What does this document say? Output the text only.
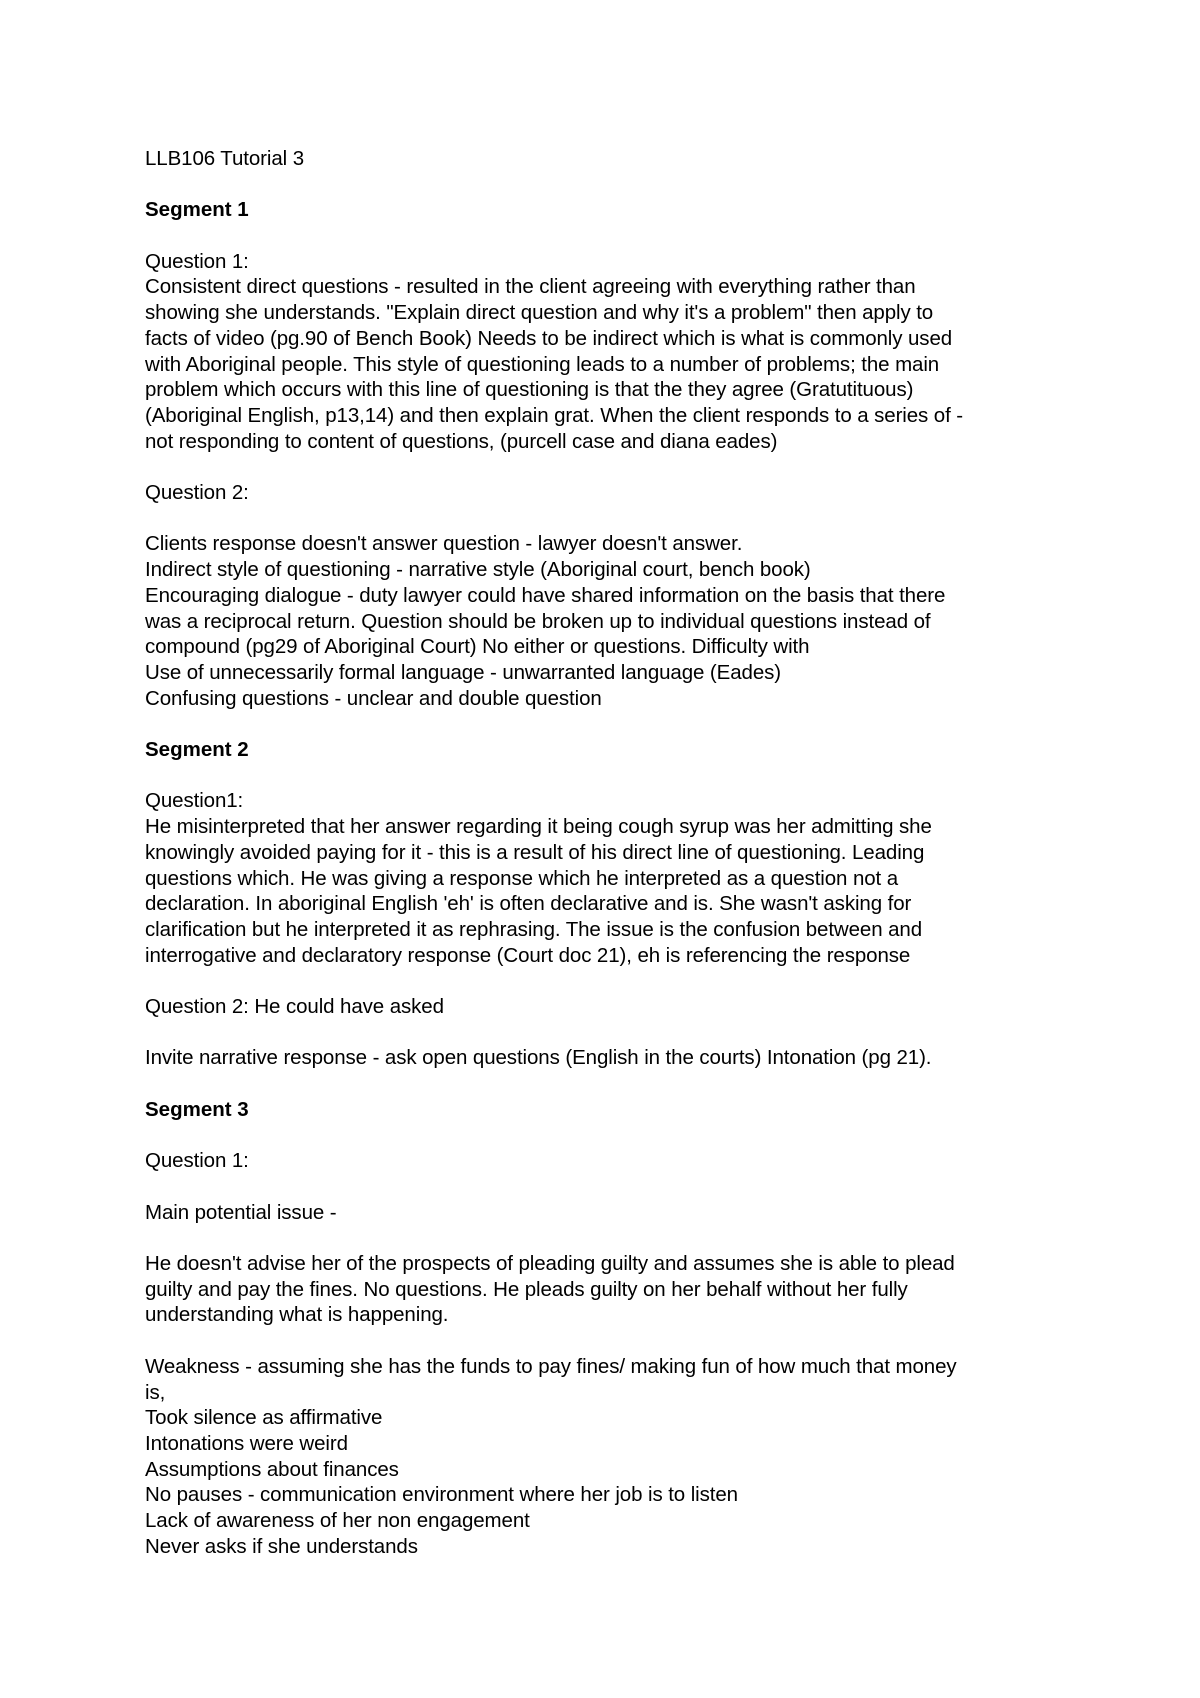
LLB106 Tutorial 3
Segment 1
Question 1:
Consistent direct questions - resulted in the client agreeing with everything rather than
showing she understands. "Explain direct question and why it's a problem" then apply to
facts of video (pg.90 of Bench Book) Needs to be indirect which is what is commonly used
with Aboriginal people. This style of questioning leads to a number of problems; the main
problem which occurs with this line of questioning is that the they agree (Gratutituous)
(Aboriginal English, p13,14) and then explain grat. When the client responds to a series of -
not responding to content of questions, (purcell case and diana eades)
Question 2:
Clients response doesn't answer question - lawyer doesn't answer.
Indirect style of questioning - narrative style (Aboriginal court, bench book)
Encouraging dialogue - duty lawyer could have shared information on the basis that there
was a reciprocal return. Question should be broken up to individual questions instead of
compound (pg29 of Aboriginal Court) No either or questions. Difficulty with
Use of unnecessarily formal language - unwarranted language (Eades)
Confusing questions - unclear and double question
Segment 2
Question1:
He misinterpreted that her answer regarding it being cough syrup was her admitting she
knowingly avoided paying for it - this is a result of his direct line of questioning. Leading
questions which. He was giving a response which he interpreted as a question not a
declaration. In aboriginal English 'eh' is often declarative and is. She wasn't asking for
clarification but he interpreted it as rephrasing. The issue is the confusion between and
interrogative and declaratory response (Court doc 21), eh is referencing the response
Question 2: He could have asked
Invite narrative response - ask open questions (English in the courts) Intonation (pg 21).
Segment 3
Question 1:
Main potential issue -
He doesn't advise her of the prospects of pleading guilty and assumes she is able to plead
guilty and pay the fines. No questions. He pleads guilty on her behalf without her fully
understanding what is happening.
Weakness - assuming she has the funds to pay fines/ making fun of how much that money
is,
Took silence as affirmative
Intonations were weird
Assumptions about finances
No pauses - communication environment where her job is to listen
Lack of awareness of her non engagement
Never asks if she understands
